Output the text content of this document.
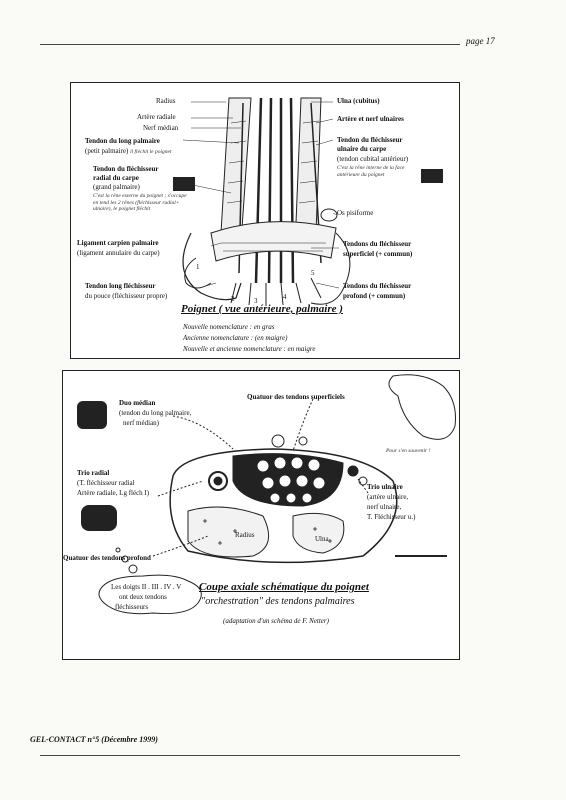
page 17
Radius
Artère radiale
Nerf médian
Tendon du long palmaire
(petit palmaire) il fléchit le poignet
Tendon du fléchisseur
radial du carpe
(grand palmaire)
C'est la rêne externe du poignet ; s'occupe en tend les 2 rênes (fléchisseur radial+ ulnaire), le poignet fléchit
Ligament carpien palmaire
(ligament annulaire du carpe)
Tendon long fléchisseur
du pouce (fléchisseur propre)
Ulna (cubitus)
Artère et nerf ulnaires
Tendon du fléchisseur
ulnaire du carpe
(tendon cubital antérieur)
C'est la rêne interne de la face antérieure du poignet
Os pisiforme
Tendons du fléchisseur
superficiel (+ commun)
Tendons du fléchisseur
profond (+ commun)
1
2	3	4
5
Poignet ( vue antérieure, palmaire )
Nouvelle nomenclature : en gras
Ancienne nomenclature : (en maigre)
Nouvelle et ancienne nomenclature : en maigre
Duo médian
(tendon du long palmaire,
nerf médian)
Quatuor des tendons superficiels
Pour s'en souvenir !
Trio radial
(T. fléchisseur radial
Artère radiale, Lg fléch I)
Trio ulnaire
(artère ulnaire,
nerf ulnaire,
T. Fléchisseur u.)
Radius	Ulna
Quatuor des tendons profond
Les doigts II . III . IV . V
ont deux tendons
fléchisseurs
Coupe axiale schématique du poignet
"orchestration" des tendons palmaires
(adaptation d'un schéma de F. Netter)
GEL-CONTACT n°5 (Décembre 1999)
